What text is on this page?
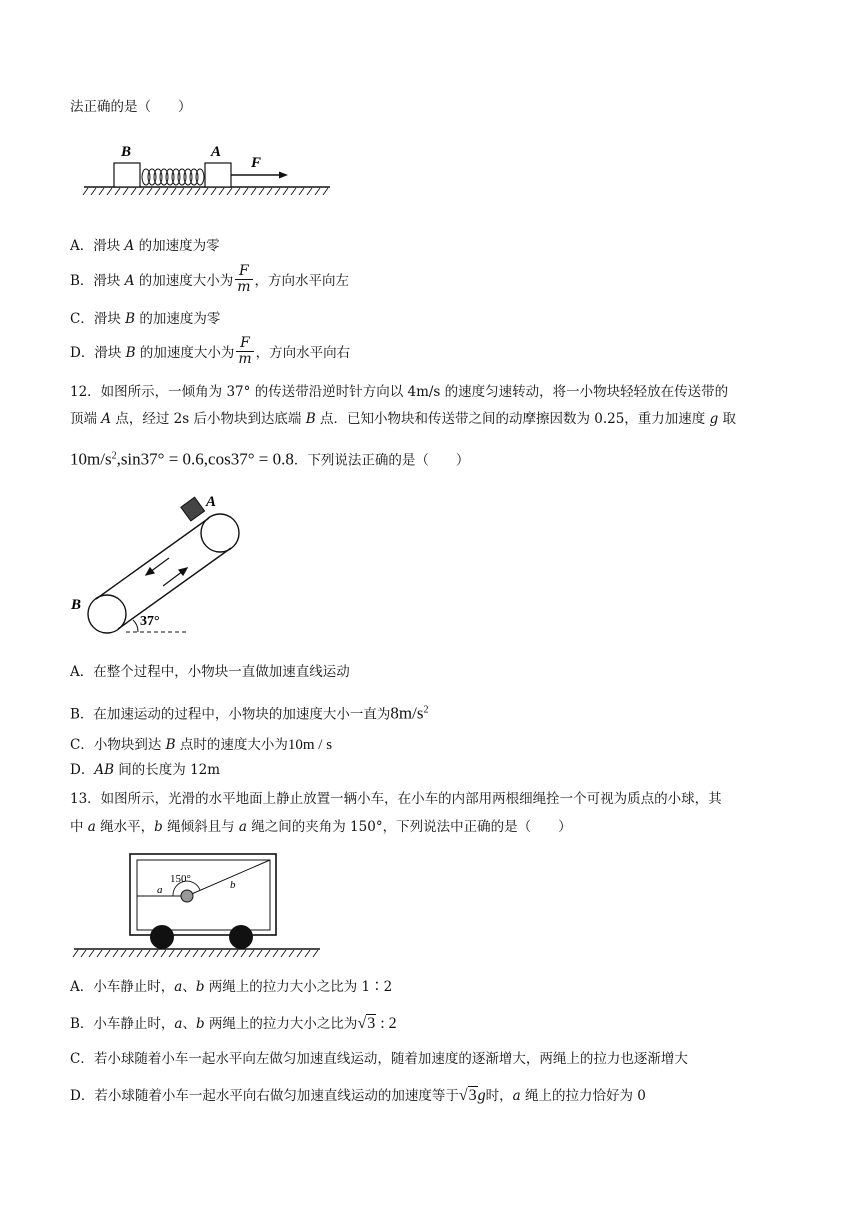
法正确的是（　　）
B	A
F
A．滑块 A 的加速度为零
B．滑块 A 的加速度大小为 $\frac{F}{m}$ ，方向水平向左
C．滑块 B 的加速度为零
D．滑块 B 的加速度大小为 $\frac{F}{m}$ ，方向水平向右
12．如图所示，一倾角为 37° 的传送带沿逆时针方向以 4m/s 的速度匀速转动，将一小物块轻轻放在传送带的
顶端 A 点，经过 2s 后小物块到达底端 B 点．已知小物块和传送带之间的动摩擦因数为 0.25，重力加速度 g 取
$10m/s^2,\sin 37^\circ = 0.6,\cos 37^\circ = 0.8$．下列说法正确的是（　　）
A
B
37°
A．在整个过程中，小物块一直做加速直线运动
B．在加速运动的过程中，小物块的加速度大小一直为$8m/s^2$
C．小物块到达 B 点时的速度大小为10m / s
D．AB 间的长度为 12m
13．如图所示，光滑的水平地面上静止放置一辆小车，在小车的内部用两根细绳拴一个可视为质点的小球，其
中 a 绳水平，b 绳倾斜且与 a 绳之间的夹角为 150°，下列说法中正确的是（　　）
150°
a	b
A．小车静止时，a、b 两绳上的拉力大小之比为 1∶2
B．小车静止时，a、b 两绳上的拉力大小之比为√3 : 2
C．若小球随着小车一起水平向左做匀加速直线运动，随着加速度的逐渐增大，两绳上的拉力也逐渐增大
D．若小球随着小车一起水平向右做匀加速直线运动的加速度等于√3g时，a 绳上的拉力恰好为 0
